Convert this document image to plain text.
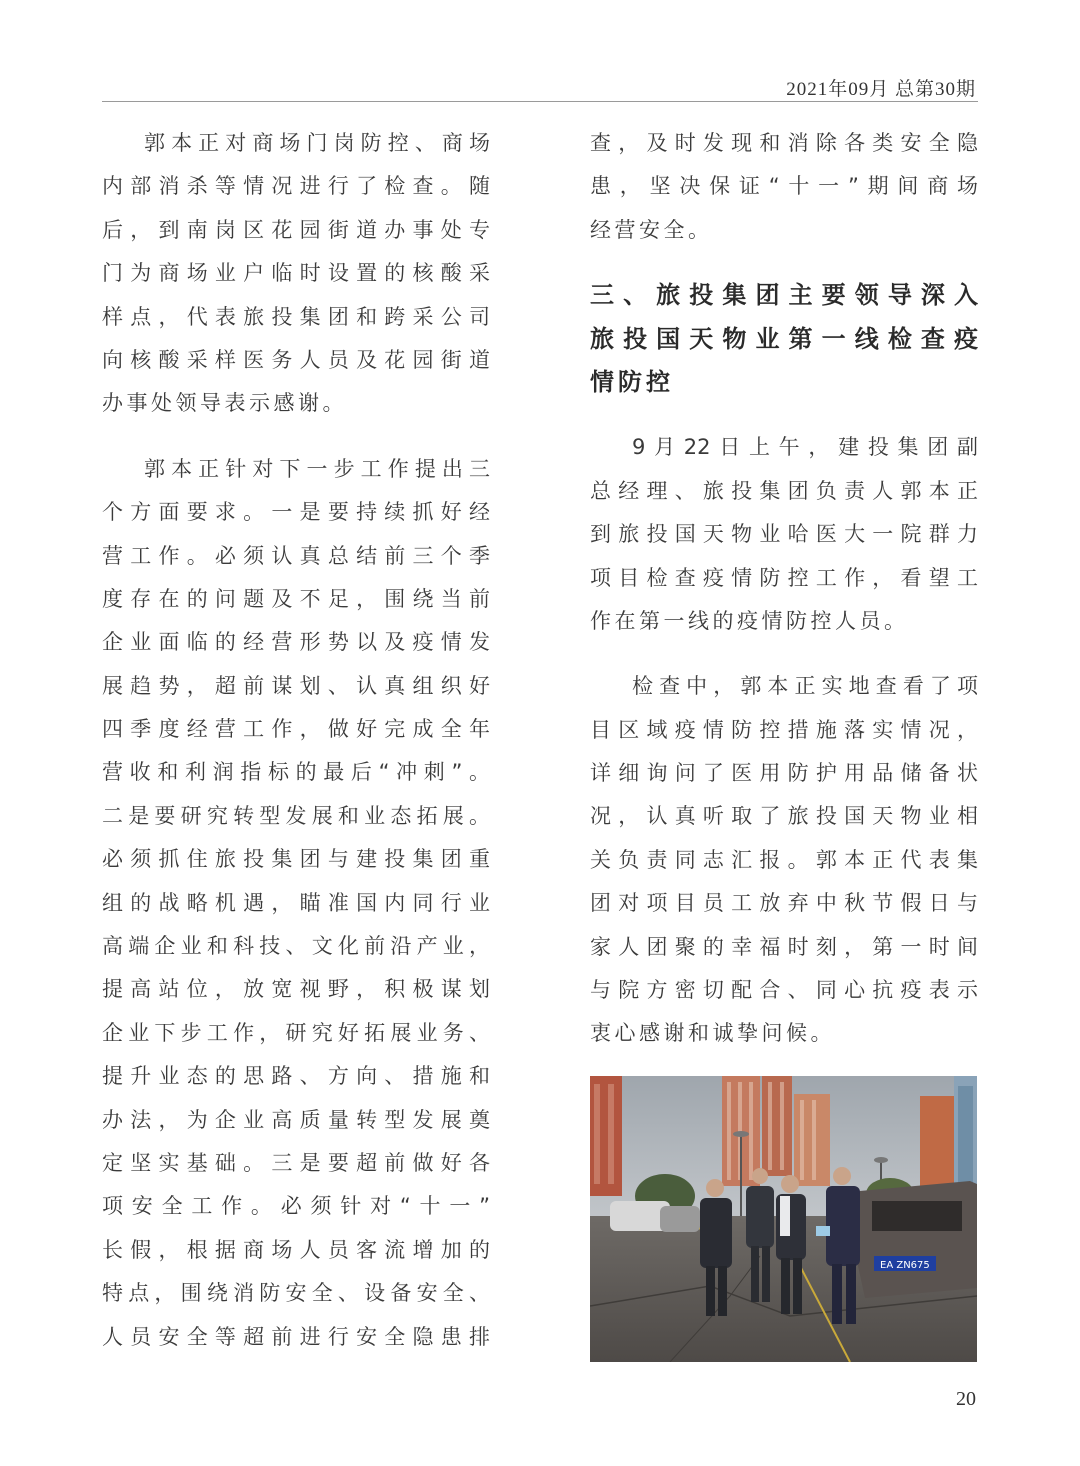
2021年09月 总第30期

郭本正对商场门岗防控、商场

内部消杀等情况进行了检查。随

后，到南岗区花园街道办事处专

门为商场业户临时设置的核酸采

样点，代表旅投集团和跨采公司

向核酸采样医务人员及花园街道

办事处领导表示感谢。

郭本正针对下一步工作提出三

个方面要求。一是要持续抓好经

营工作。必须认真总结前三个季

度存在的问题及不足，围绕当前

企业面临的经营形势以及疫情发

展趋势，超前谋划、认真组织好

四季度经营工作，做好完成全年

营收和利润指标的最后“冲刺”。

二是要研究转型发展和业态拓展。

必须抓住旅投集团与建投集团重

组的战略机遇，瞄准国内同行业

高端企业和科技、文化前沿产业，

提高站位，放宽视野，积极谋划

企业下步工作，研究好拓展业务、

提升业态的思路、方向、措施和

办法，为企业高质量转型发展奠

定坚实基础。三是要超前做好各

项安全工作。必须针对“十一”

长假，根据商场人员客流增加的

特点，围绕消防安全、设备安全、

人员安全等超前进行安全隐患排

查，及时发现和消除各类安全隐

患，坚决保证“十一”期间商场

经营安全。

三、旅投集团主要领导深入

旅投国天物业第一线检查疫

情防控

9月22日上午，建投集团副

总经理、旅投集团负责人郭本正

到旅投国天物业哈医大一院群力

项目检查疫情防控工作，看望工

作在第一线的疫情防控人员。

检查中，郭本正实地查看了项

目区域疫情防控措施落实情况，

详细询问了医用防护用品储备状

况，认真听取了旅投国天物业相

关负责同志汇报。郭本正代表集

团对项目员工放弃中秋节假日与

家人团聚的幸福时刻，第一时间

与院方密切配合、同心抗疫表示

衷心感谢和诚挚问候。

EA ZN675
20
